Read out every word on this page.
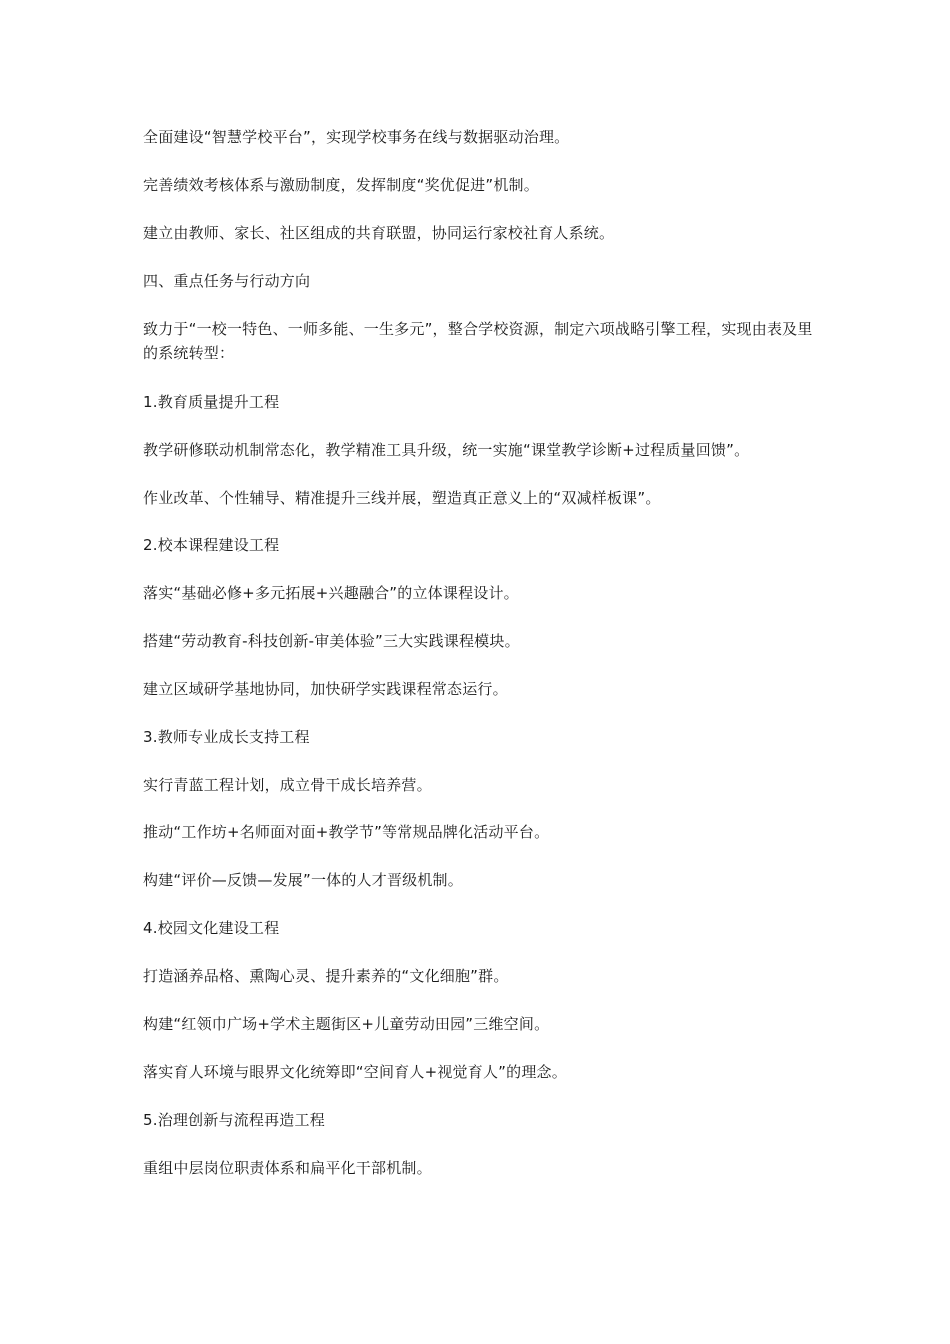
全面建设“智慧学校平台”，实现学校事务在线与数据驱动治理。

完善绩效考核体系与激励制度，发挥制度“奖优促进”机制。

建立由教师、家长、社区组成的共育联盟，协同运行家校社育人系统。

四、重点任务与行动方向

致力于“一校一特色、一师多能、一生多元”，整合学校资源，制定六项战略引擎工程，实现由表及里的系统转型：

1.教育质量提升工程

教学研修联动机制常态化，教学精准工具升级，统一实施“课堂教学诊断+过程质量回馈”。

作业改革、个性辅导、精准提升三线并展，塑造真正意义上的“双减样板课”。

2.校本课程建设工程

落实“基础必修+多元拓展+兴趣融合”的立体课程设计。

搭建“劳动教育-科技创新-审美体验”三大实践课程模块。

建立区域研学基地协同，加快研学实践课程常态运行。

3.教师专业成长支持工程

实行青蓝工程计划，成立骨干成长培养营。

推动“工作坊+名师面对面+教学节”等常规品牌化活动平台。

构建“评价—反馈—发展”一体的人才晋级机制。

4.校园文化建设工程

打造涵养品格、熏陶心灵、提升素养的“文化细胞”群。

构建“红领巾广场+学术主题街区+儿童劳动田园”三维空间。

落实育人环境与眼界文化统筹即“空间育人+视觉育人”的理念。

5.治理创新与流程再造工程

重组中层岗位职责体系和扁平化干部机制。
